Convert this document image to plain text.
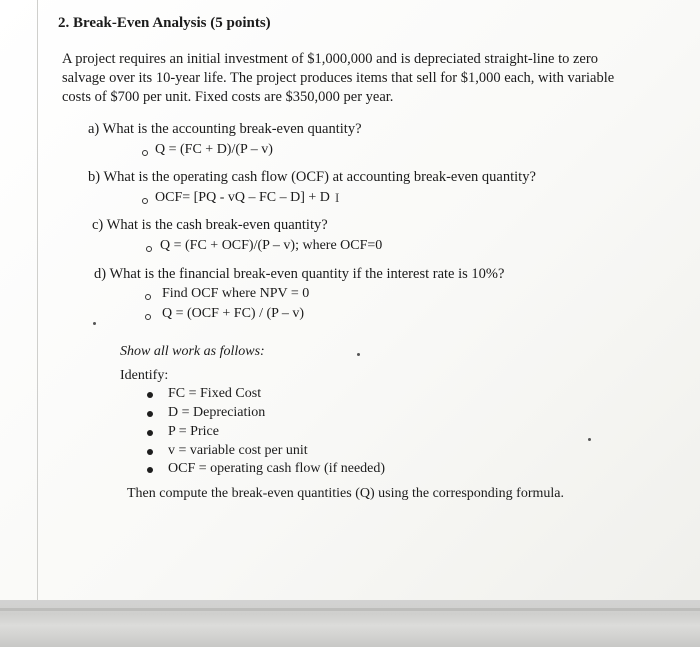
2. Break-Even Analysis (5 points)

A project requires an initial investment of $1,000,000 and is depreciated straight-line to zero
salvage over its 10-year life. The project produces items that sell for $1,000 each, with variable
costs of $700 per unit. Fixed costs are $350,000 per year.

a) What is the accounting break-even quantity?

Q = (FC + D)/(P – v)

b) What is the operating cash flow (OCF) at accounting break-even quantity?

OCF= [PQ - vQ – FC – D] + D I

c) What is the cash break-even quantity?

Q = (FC + OCF)/(P – v); where OCF=0

d) What is the financial break-even quantity if the interest rate is 10%?

Find OCF where NPV = 0

Q = (OCF + FC) / (P – v)

Show all work as follows:

Identify:

FC = Fixed Cost

D = Depreciation

P = Price

v = variable cost per unit

OCF = operating cash flow (if needed)

Then compute the break-even quantities (Q) using the corresponding formula.
